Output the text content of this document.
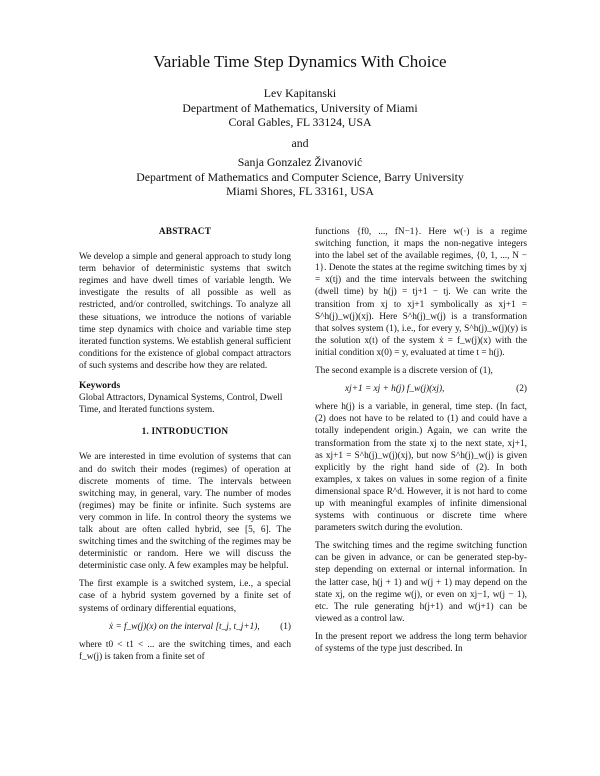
Variable Time Step Dynamics With Choice
Lev Kapitanski
Department of Mathematics, University of Miami
Coral Gables, FL 33124, USA
and
Sanja Gonzalez Živanović
Department of Mathematics and Computer Science, Barry University
Miami Shores, FL 33161, USA
ABSTRACT

We develop a simple and general approach to study long term behavior of deterministic systems that switch regimes and have dwell times of variable length. We investigate the results of all possible as well as restricted, and/or controlled, switchings. To analyze all these situations, we introduce the notions of variable time step dynamics with choice and variable time step iterated function systems. We establish general sufficient conditions for the existence of global compact attractors of such systems and describe how they are related.

Keywords

Global Attractors, Dynamical Systems, Control, Dwell Time, and Iterated functions system.

1. INTRODUCTION

We are interested in time evolution of systems that can and do switch their modes (regimes) of operation at discrete moments of time. The intervals between switching may, in general, vary. The number of modes (regimes) may be finite or infinite. Such systems are very common in life. In control theory the systems we talk about are often called hybrid, see [5, 6]. The switching times and the switching of the regimes may be deterministic or random. Here we will discuss the deterministic case only. A few examples may be helpful.

The first example is a switched system, i.e., a special case of a hybrid system governed by a finite set of systems of ordinary differential equations,

ẋ = f_w(j)(x) on the interval [t_j, t_j+1), (1)

where t0 < t1 < ... are the switching times, and each f_w(j) is taken from a finite set of

functions {f0, ..., fN−1}. Here w(·) is a regime switching function, it maps the non-negative integers into the label set of the available regimes, {0, 1, ..., N − 1}. Denote the states at the regime switching times by xj = x(tj) and the time intervals between the switching (dwell time) by h(j) = tj+1 − tj. We can write the transition from xj to xj+1 symbolically as xj+1 = S^h(j)_w(j)(xj). Here S^h(j)_w(j) is a transformation that solves system (1), i.e., for every y, S^h(j)_w(j)(y) is the solution x(t) of the system ẋ = f_w(j)(x) with the initial condition x(0) = y, evaluated at time t = h(j).

The second example is a discrete version of (1),

xj+1 = xj + h(j) f_w(j)(xj),	(2)

where h(j) is a variable, in general, time step. (In fact, (2) does not have to be related to (1) and could have a totally independent origin.) Again, we can write the transformation from the state xj to the next state, xj+1, as xj+1 = S^h(j)_w(j)(xj), but now S^h(j)_w(j) is given explicitly by the right hand side of (2). In both examples, x takes on values in some region of a finite dimensional space R^d. However, it is not hard to come up with meaningful examples of infinite dimensional systems with continuous or discrete time where parameters switch during the evolution.

The switching times and the regime switching function can be given in advance, or can be generated step-by-step depending on external or internal information. In the latter case, h(j + 1) and w(j + 1) may depend on the state xj, on the regime w(j), or even on xj−1, w(j − 1), etc. The rule generating h(j+1) and w(j+1) can be viewed as a control law.

In the present report we address the long term behavior of systems of the type just described. In
